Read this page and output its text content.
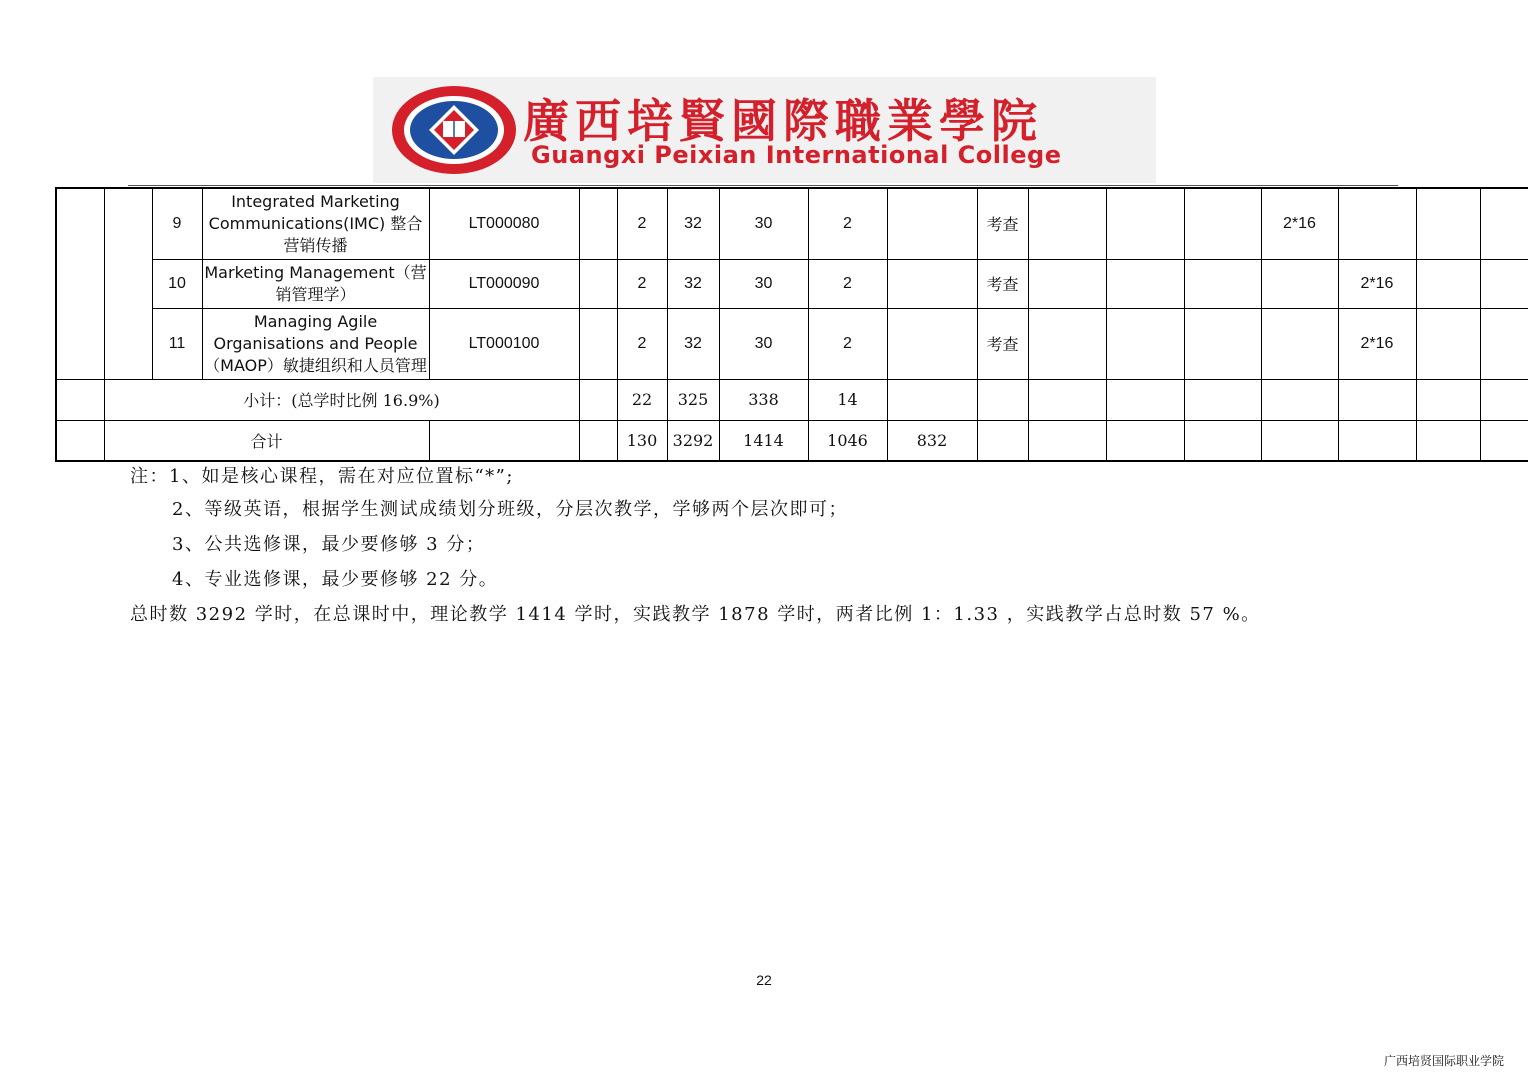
廣西培賢國際職業學院
Guangxi Peixian International College
		9	Integrated Marketing Communications(IMC) 整合营销传播	LT000080		2	32	30	2		考查				2*16			
		10	Marketing Management（营销管理学）	LT000090		2	32	30	2		考查					2*16		
		11	Managing Agile Organisations and People（MAOP）敏捷组织和人员管理	LT000100		2	32	30	2		考查					2*16		
	小计：(总学时比例 16.9%)					22	325	338	14									
	合计					130	3292	1414	1046	832								
注：1、如是核心课程，需在对应位置标“*”;
2、等级英语，根据学生测试成绩划分班级，分层次教学，学够两个层次即可；
3、公共选修课，最少要修够 3 分；
4、专业选修课，最少要修够 22 分。
总时数 3292 学时，在总课时中，理论教学 1414 学时，实践教学 1878 学时，两者比例 1：1.33 ，实践教学占总时数 57 %。
22
广西培贤国际职业学院
